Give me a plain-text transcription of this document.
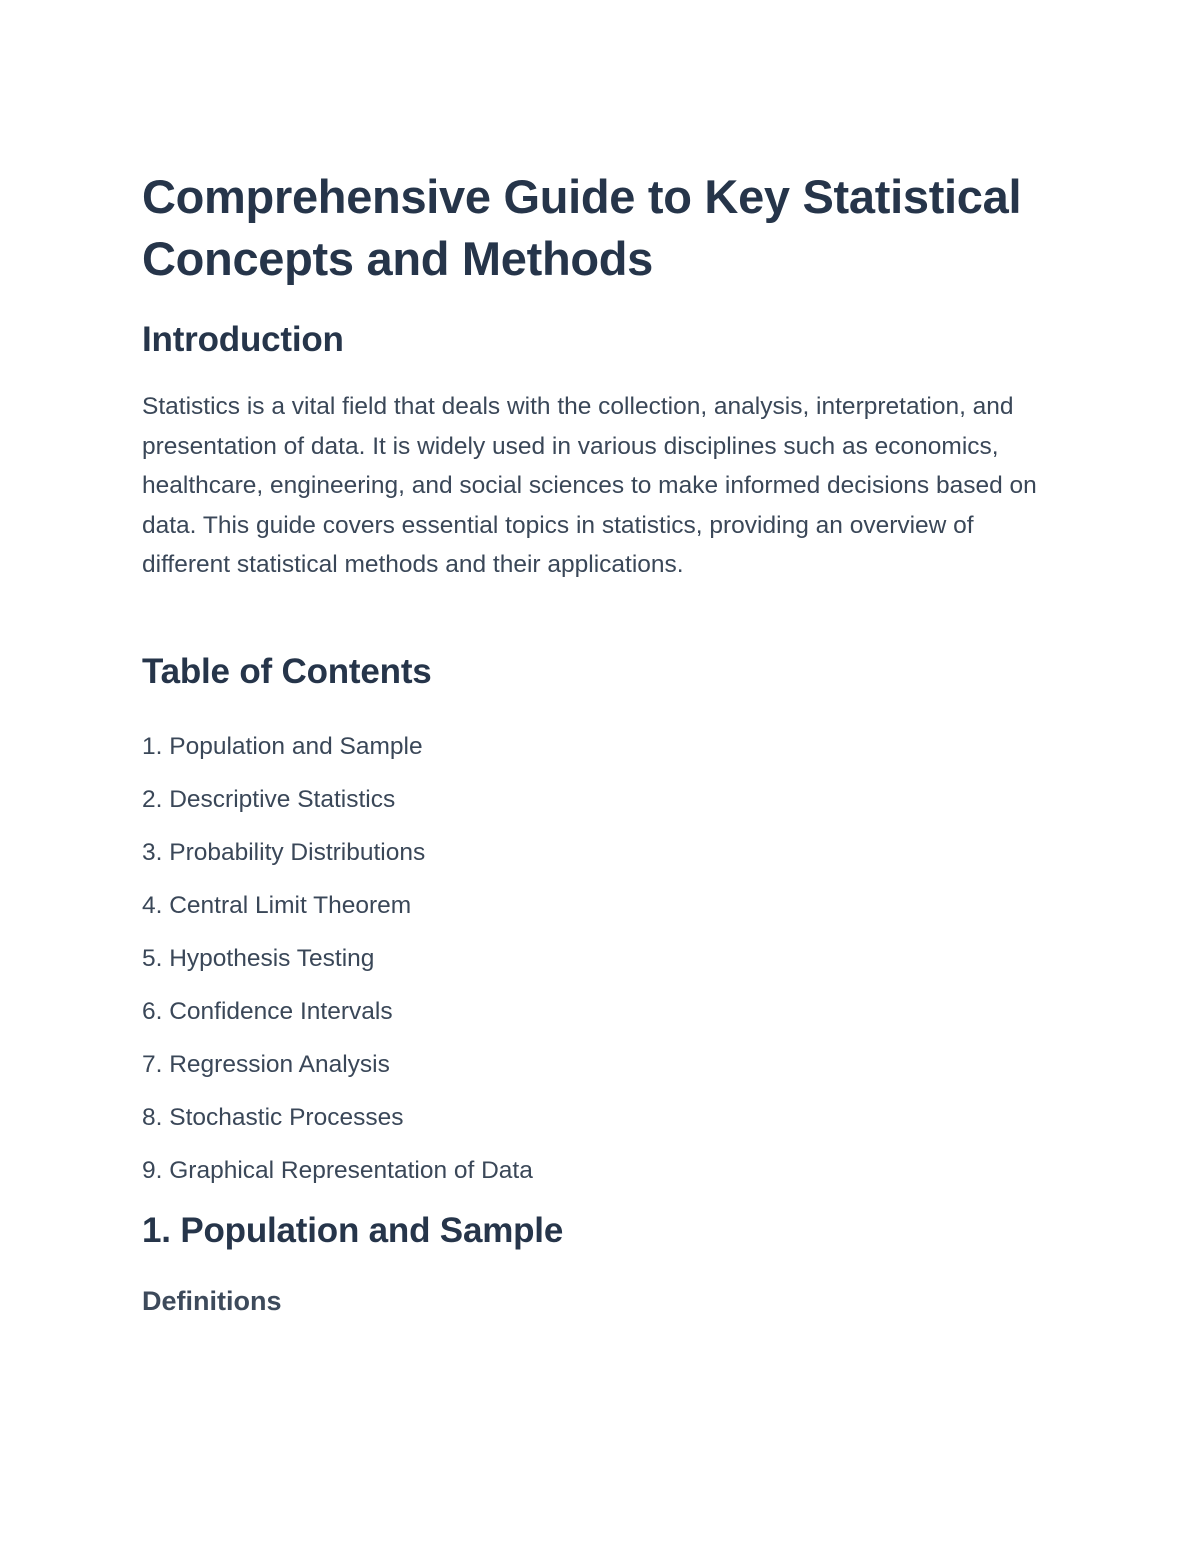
Comprehensive Guide to Key Statistical Concepts and Methods
Introduction

Statistics is a vital field that deals with the collection, analysis, interpretation, and presentation of data. It is widely used in various disciplines such as economics, healthcare, engineering, and social sciences to make informed decisions based on data. This guide covers essential topics in statistics, providing an overview of different statistical methods and their applications.

Table of Contents
1. Population and Sample
2. Descriptive Statistics
3. Probability Distributions
4. Central Limit Theorem
5. Hypothesis Testing
6. Confidence Intervals
7. Regression Analysis
8. Stochastic Processes
9. Graphical Representation of Data
1. Population and Sample
Definitions
